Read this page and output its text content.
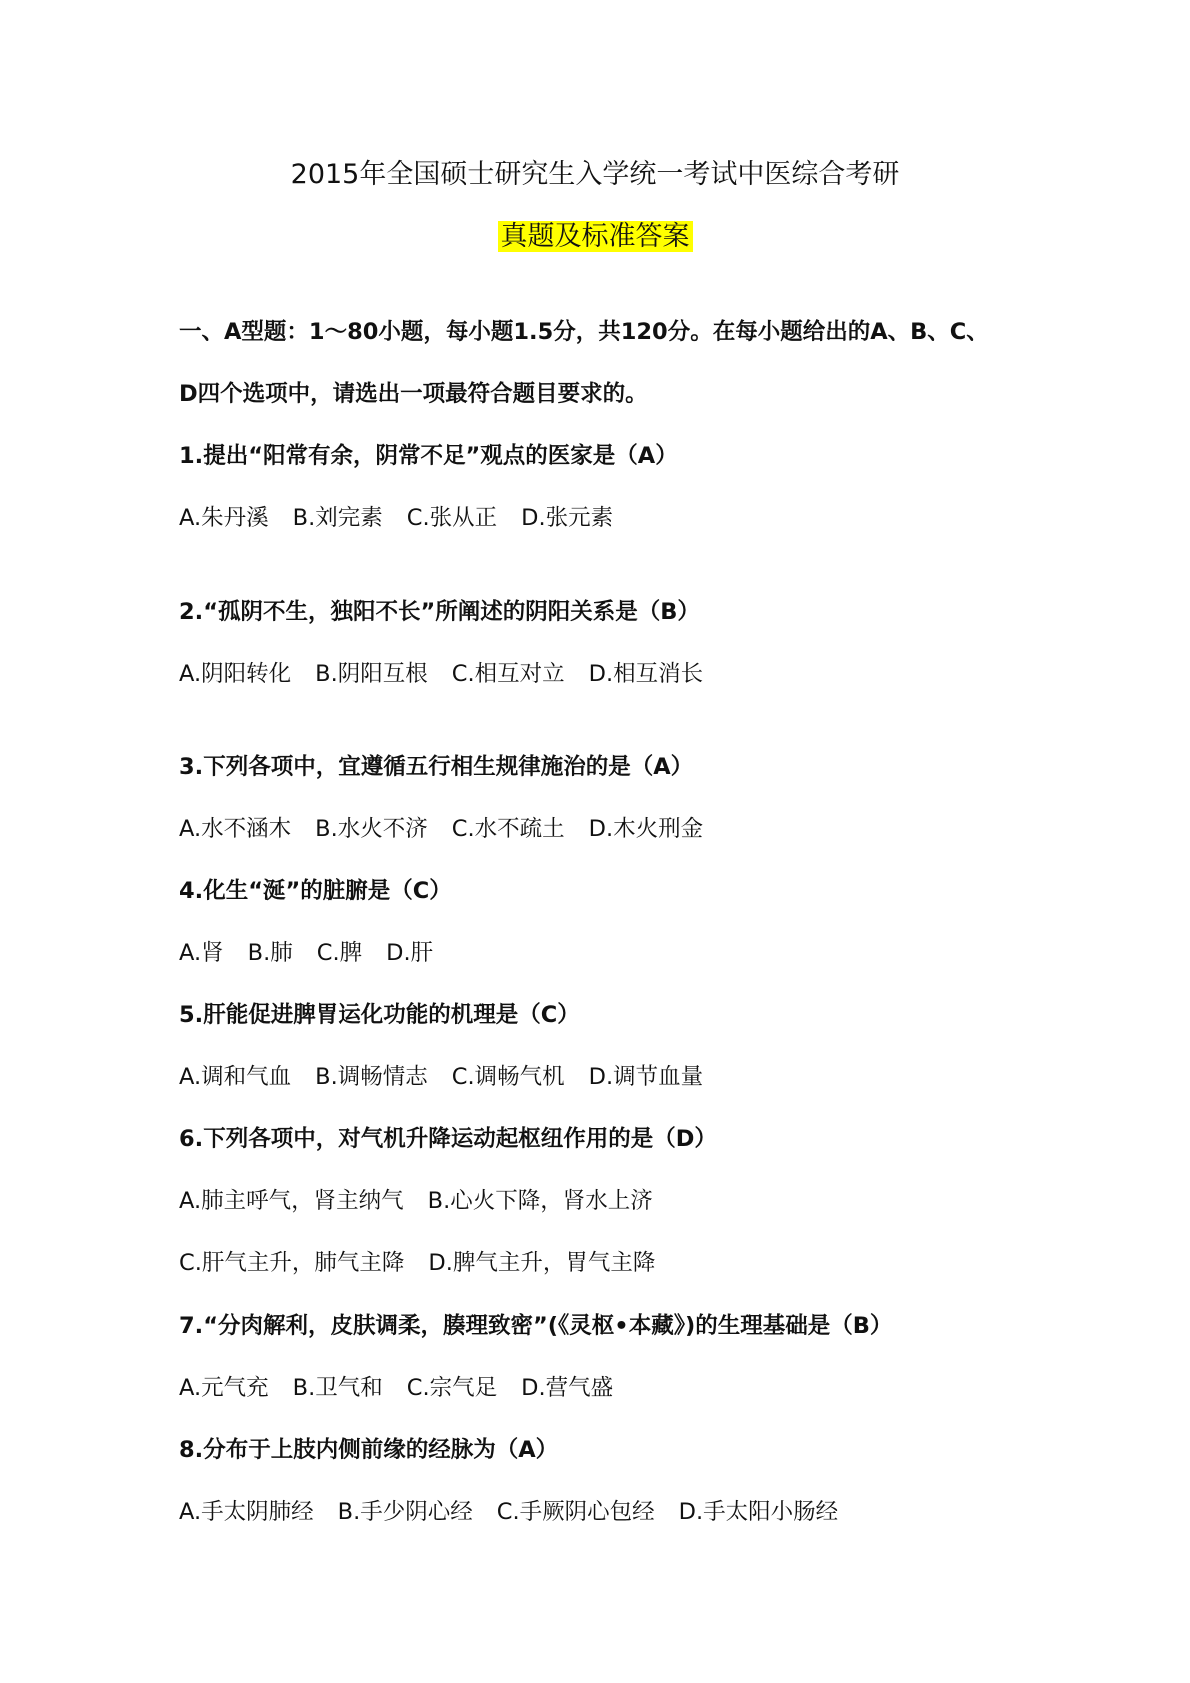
2015年全国硕士研究生入学统一考试中医综合考研
真题及标准答案

一、A型题：1～80小题，每小题1.5分，共120分。在每小题给出的A、B、C、

D四个选项中，请选出一项最符合题目要求的。

1.提出“阳常有余，阴常不足”观点的医家是（A）

A.朱丹溪 B.刘完素 C.张从正 D.张元素

2.“孤阴不生，独阳不长”所阐述的阴阳关系是（B）

A.阴阳转化 B.阴阳互根 C.相互对立 D.相互消长

3.下列各项中，宜遵循五行相生规律施治的是（A）

A.水不涵木 B.水火不济 C.水不疏土 D.木火刑金

4.化生“涎”的脏腑是（C）

A.肾 B.肺 C.脾 D.肝

5.肝能促进脾胃运化功能的机理是（C）

A.调和气血 B.调畅情志 C.调畅气机 D.调节血量

6.下列各项中，对气机升降运动起枢纽作用的是（D）

A.肺主呼气，肾主纳气 B.心火下降，肾水上济

C.肝气主升，肺气主降 D.脾气主升，胃气主降

7.“分肉解利，皮肤调柔，腠理致密”(《灵枢•本藏》)的生理基础是（B）

A.元气充 B.卫气和 C.宗气足 D.营气盛

8.分布于上肢内侧前缘的经脉为（A）

A.手太阴肺经 B.手少阴心经 C.手厥阴心包经 D.手太阳小肠经
